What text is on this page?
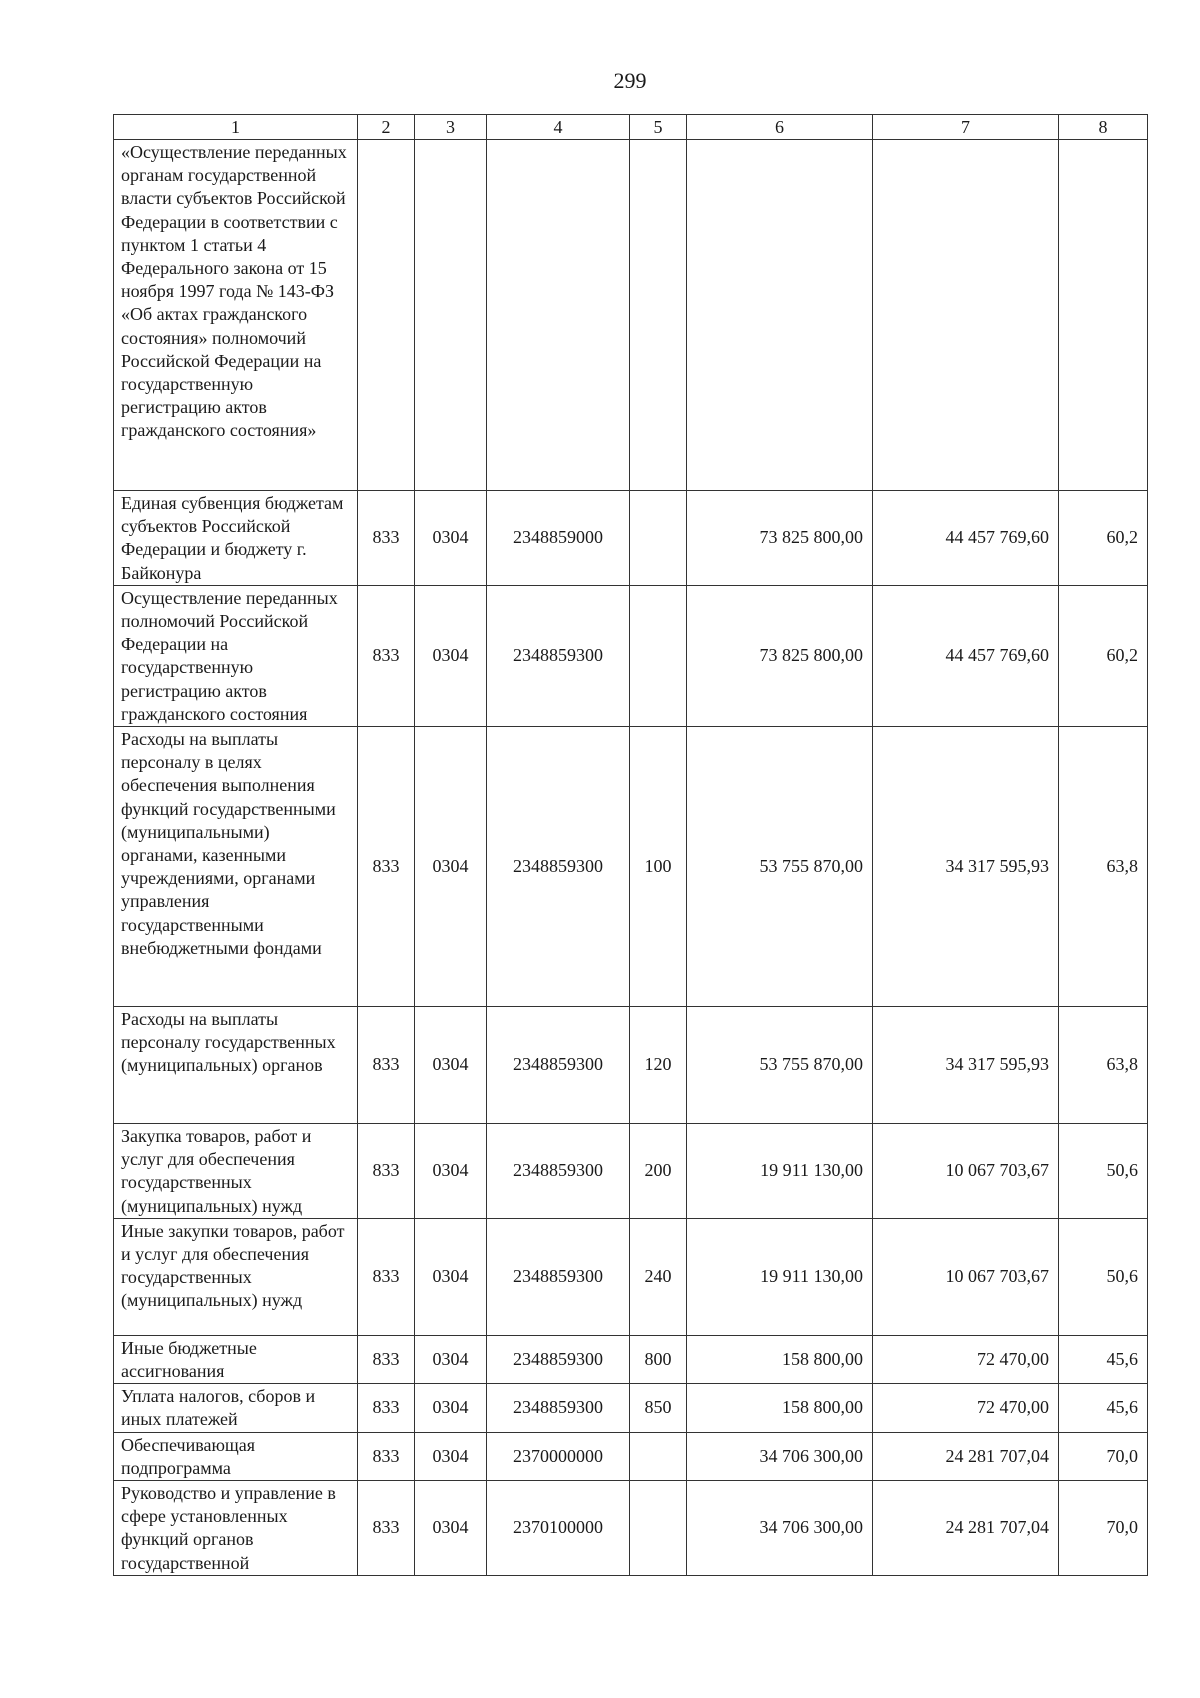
299
1	2	3	4	5	6	7	8
«Осуществление переданных органам государственной власти субъектов Российской Федерации в соответствии с пунктом 1 статьи 4 Федерального закона от 15 ноября 1997 года № 143-ФЗ «Об актах гражданского состояния» полномочий Российской Федерации на государственную регистрацию актов гражданского состояния»							
Единая субвенция бюджетам субъектов Российской Федерации и бюджету г. Байконура	833	0304	2348859000		73 825 800,00	44 457 769,60	60,2
Осуществление переданных полномочий Российской Федерации на государственную регистрацию актов гражданского состояния	833	0304	2348859300		73 825 800,00	44 457 769,60	60,2
Расходы на выплаты персоналу в целях обеспечения выполнения функций государственными (муниципальными) органами, казенными учреждениями, органами управления государственными внебюджетными фондами	833	0304	2348859300	100	53 755 870,00	34 317 595,93	63,8
Расходы на выплаты персоналу государственных (муниципальных) органов	833	0304	2348859300	120	53 755 870,00	34 317 595,93	63,8
Закупка товаров, работ и услуг для обеспечения государственных (муниципальных) нужд	833	0304	2348859300	200	19 911 130,00	10 067 703,67	50,6
Иные закупки товаров, работ и услуг для обеспечения государственных (муниципальных) нужд	833	0304	2348859300	240	19 911 130,00	10 067 703,67	50,6
Иные бюджетные ассигнования	833	0304	2348859300	800	158 800,00	72 470,00	45,6
Уплата налогов, сборов и иных платежей	833	0304	2348859300	850	158 800,00	72 470,00	45,6
Обеспечивающая подпрограмма	833	0304	2370000000		34 706 300,00	24 281 707,04	70,0
Руководство и управление в сфере установленных функций органов государственной	833	0304	2370100000		34 706 300,00	24 281 707,04	70,0
